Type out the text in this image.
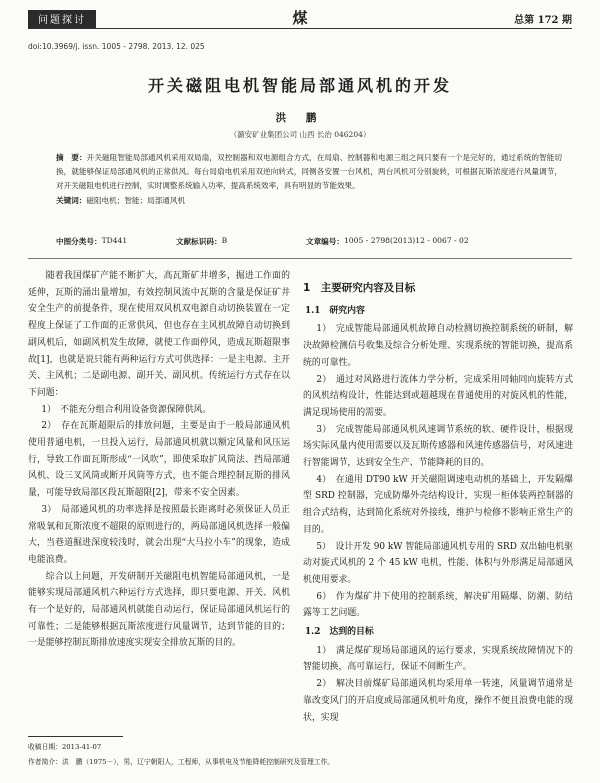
问题探讨	煤	总第 172 期
doi:10.3969/j. issn. 1005 - 2798. 2013. 12. 025
开关磁阻电机智能局部通风机的开发
洪 鹏
（潞安矿业集团公司 山西 长治 046204）
摘　要：开关磁阻智能局部通风机采用双局扇，双控制器和双电源组合方式，在局扇、控制器和电源三组之间只要有一个是完好的，通过系统的智能切换，就能够保证局部通风机的正常供风。每台局扇电机采用双逆向转式，同侧各安置一台风机，两台风机可分别旋转，可根据瓦斯浓度进行风量调节，对开关磁阻电机进行控制，实时调整系统输入功率，提高系统效率，具有明显的节能效果。
关键词：磁阻电机；智能；局部通风机
中图分类号： TD441	文献标识码： B	文章编号： 1005 - 2798(2013)12 - 0067 - 02

随着我国煤矿产能不断扩大，高瓦斯矿井增多，掘进工作面的延伸，瓦斯的涌出量增加，有效控制风流中瓦斯的含量是保证矿井安全生产的前提条件，现在使用双风机双电源自动切换装置在一定程度上保证了工作面的正常供风，但也存在主风机故障自动切换到副风机后，如副风机发生故障，就使工作面停风，造成瓦斯超限事故[1]，也就是说只能有两种运行方式可供选择：一是主电源、主开关、主风机；二是副电源、副开关、副风机。传统运行方式存在以下问题：

1）　不能充分组合利用设备资源保障供风。

2）　存在瓦斯超限后的排放问题，主要是由于一般局部通风机使用普通电机，一旦投入运行，局部通风机就以额定风量和风压运行，导致工作面瓦斯形成“一风吹”，即使采取扩风筒法、挡局部通风机、设三叉风筒或断开风筒等方式，也不能合理控制瓦斯的排风量，可能导致局部区段瓦斯超限[2]，带来不安全因素。

3）　局部通风机的功率选择是按照最长距离时必须保证人员正常吸氧和瓦斯浓度不超限的原则进行的，两局部通风机选择一般偏大，当巷道掘进深度较浅时，就会出现“大马拉小车”的现象，造成电能浪费。

综合以上问题，开发研制开关磁阻电机智能局部通风机，一是能够实现局部通风机六种运行方式选择，即只要电源、开关、风机有一个是好的，局部通风机就能自动运行，保证局部通风机运行的可靠性；二是能够根据瓦斯浓度进行风量调节，达到节能的目的；一是能够控制瓦斯排放速度实现安全排放瓦斯的目的。

1　主要研究内容及目标
1.1　研究内容

1）　完成智能局部通风机故障自动检测切换控制系统的研制，解决故障检测信号收集及综合分析处理、实现系统的智能切换，提高系统的可靠性。

2）　通过对风路进行流体力学分析，完成采用同轴同向旋转方式的风机结构设计，性能达到或超越现在普通使用的对旋风机的性能，满足现场使用的需要。

3）　完成智能局部通风机风速调节系统的软、硬件设计，根据现场实际风量内使用需要以及瓦斯传感器和风速传感器信号，对风速进行智能调节，达到安全生产、节能降耗的目的。

4）　在通用 DT90 kW 开关磁阻调速电动机的基础上，开发隔爆型 SRD 控制器，完成防爆外壳结构设计，实现一柜体装两控制器的组合式结构，达到简化系统对外接线，维护与检修不影响正常生产的目的。

5）　设计开发 90 kW 智能局部通风机专用的 SRD 双出轴电机驱动对旋式风机的 2 个 45 kW 电机，性能、体积与外形满足局部通风机使用要求。

6）　作为煤矿井下使用的控制系统，解决矿用隔爆、防潮、防结露等工艺问题。

1.2　达到的目标

1）　满足煤矿现场局部通风的运行要求，实现系统故障情况下的智能切换，高可靠运行，保证不间断生产。

2）　解决目前煤矿局部通风机均采用单一转速，风量调节通常是靠改变风门的开启度或局部通风机叶角度，操作不便且浪费电能的现状，实现

收稿日期：2013-41-07
作者简介：洪　鹏（1975－），男，辽宁朝阳人，工程师，从事机电及节能降耗控制研究及管理工作。
